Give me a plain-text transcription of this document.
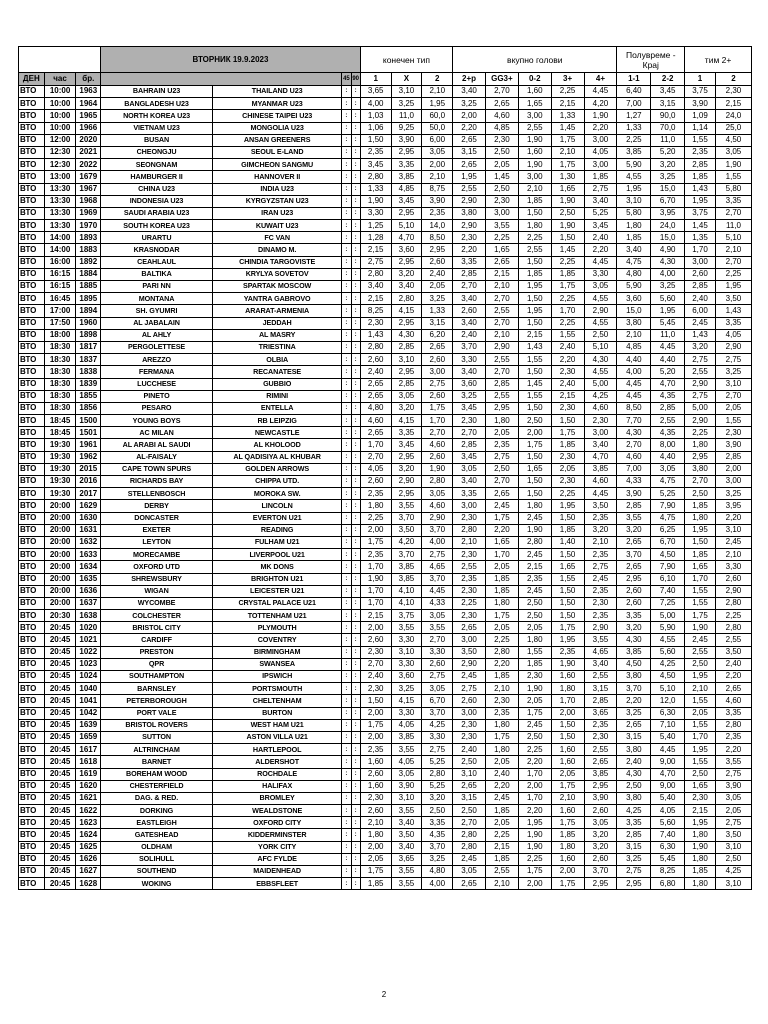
			ВТОРНИК 19.9.2023				конечен тип			вкупно голови					Полувреме - Крај		тим 2+	
ДЕН	час	бр.			45	90	1	X	2	2+p	GG3+	0-2	3+	4+	1-1	2-2	1	2
ВТО	10:00	1963	BAHRAIN U23	THAILAND U23	:	:	3,65	3,10	2,10	3,40	2,70	1,60	2,25	4,45	6,40	3,45	3,75	2,30
ВТО	10:00	1964	BANGLADESH U23	MYANMAR U23	:	:	4,00	3,25	1,95	3,25	2,65	1,65	2,15	4,20	7,00	3,15	3,90	2,15
ВТО	10:00	1965	NORTH KOREA U23	CHINESE TAIPEI U23	:	:	1,03	11,0	60,0	2,00	4,60	3,00	1,33	1,90	1,27	90,0	1,09	24,0
ВТО	10:00	1966	VIETNAM U23	MONGOLIA U23	:	:	1,06	9,25	50,0	2,20	4,85	2,55	1,45	2,20	1,33	70,0	1,14	25,0
ВТО	12:00	2020	BUSAN	ANSAN GREENERS	:	:	1,50	3,90	6,00	2,65	2,30	1,90	1,75	3,00	2,25	11,0	1,55	4,50
ВТО	12:30	2021	CHEONGJU	SEOUL E-LAND	:	:	2,35	2,95	3,05	3,15	2,50	1,60	2,10	4,05	3,85	5,20	2,35	3,05
ВТО	12:30	2022	SEONGNAM	GIMCHEON SANGMU	:	:	3,45	3,35	2,00	2,65	2,05	1,90	1,75	3,00	5,90	3,20	2,85	1,90
ВТО	13:00	1679	HAMBURGER II	HANNOVER II	:	:	2,80	3,85	2,10	1,95	1,45	3,00	1,30	1,85	4,55	3,25	1,85	1,55
ВТО	13:30	1967	CHINA U23	INDIA U23	:	:	1,33	4,85	8,75	2,55	2,50	2,10	1,65	2,75	1,95	15,0	1,43	5,80
ВТО	13:30	1968	INDONESIA U23	KYRGYZSTAN U23	:	:	1,90	3,45	3,90	2,90	2,30	1,85	1,90	3,40	3,10	6,70	1,95	3,35
ВТО	13:30	1969	SAUDI ARABIA U23	IRAN U23	:	:	3,30	2,95	2,35	3,80	3,00	1,50	2,50	5,25	5,80	3,95	3,75	2,70
ВТО	13:30	1970	SOUTH KOREA U23	KUWAIT U23	:	:	1,25	5,10	14,0	2,90	3,55	1,80	1,90	3,45	1,80	24,0	1,45	11,0
ВТО	14:00	1893	URARTU	FC VAN	:	:	1,28	4,70	8,50	2,30	2,25	2,25	1,50	2,40	1,85	15,0	1,35	5,10
ВТО	14:00	1883	KRASNODAR	DINAMO M.	:	:	2,15	3,60	2,95	2,20	1,65	2,55	1,45	2,20	3,40	4,90	1,70	2,10
ВТО	16:00	1892	CEAHLAUL	CHINDIA TARGOVISTE	:	:	2,75	2,95	2,60	3,35	2,65	1,50	2,25	4,45	4,75	4,30	3,00	2,70
ВТО	16:15	1884	BALTIKA	KRYLYA SOVETOV	:	:	2,80	3,20	2,40	2,85	2,15	1,85	1,85	3,30	4,80	4,00	2,60	2,25
ВТО	16:15	1885	PARI NN	SPARTAK MOSCOW	:	:	3,40	3,40	2,05	2,70	2,10	1,95	1,75	3,05	5,90	3,25	2,85	1,95
ВТО	16:45	1895	MONTANA	YANTRA GABROVO	:	:	2,15	2,80	3,25	3,40	2,70	1,50	2,25	4,55	3,60	5,60	2,40	3,50
ВТО	17:00	1894	SH. GYUMRI	ARARAT-ARMENIA	:	:	8,25	4,15	1,33	2,60	2,55	1,95	1,70	2,90	15,0	1,95	6,00	1,43
ВТО	17:50	1960	AL JABALAIN	JEDDAH	:	:	2,30	2,95	3,15	3,40	2,70	1,50	2,25	4,55	3,80	5,45	2,45	3,35
ВТО	18:00	1898	AL AHLY	AL MASRY	:	:	1,43	4,30	6,20	2,40	2,10	2,15	1,55	2,50	2,10	11,0	1,43	4,05
ВТО	18:30	1817	PERGOLETTESE	TRIESTINA	:	:	2,80	2,85	2,65	3,70	2,90	1,43	2,40	5,10	4,85	4,45	3,20	2,90
ВТО	18:30	1837	AREZZO	OLBIA	:	:	2,60	3,10	2,60	3,30	2,55	1,55	2,20	4,30	4,40	4,40	2,75	2,75
ВТО	18:30	1838	FERMANA	RECANATESE	:	:	2,40	2,95	3,00	3,40	2,70	1,50	2,30	4,55	4,00	5,20	2,55	3,25
ВТО	18:30	1839	LUCCHESE	GUBBIO	:	:	2,65	2,85	2,75	3,60	2,85	1,45	2,40	5,00	4,45	4,70	2,90	3,10
ВТО	18:30	1855	PINETO	RIMINI	:	:	2,65	3,05	2,60	3,25	2,55	1,55	2,15	4,25	4,45	4,35	2,75	2,70
ВТО	18:30	1856	PESARO	ENTELLA	:	:	4,80	3,20	1,75	3,45	2,95	1,50	2,30	4,60	8,50	2,85	5,00	2,05
ВТО	18:45	1500	YOUNG BOYS	RB LEIPZIG	:	:	4,60	4,15	1,70	2,30	1,80	2,50	1,50	2,30	7,70	2,55	2,90	1,55
ВТО	18:45	1501	AC MILAN	NEWCASTLE	:	:	2,65	3,35	2,70	2,70	2,05	2,00	1,75	3,00	4,30	4,35	2,25	2,30
ВТО	19:30	1961	AL ARABI AL SAUDI	AL KHOLOOD	:	:	1,70	3,45	4,60	2,85	2,35	1,75	1,85	3,40	2,70	8,00	1,80	3,90
ВТО	19:30	1962	AL-FAISALY	AL QADISIYA AL KHUBAR	:	:	2,70	2,95	2,60	3,45	2,75	1,50	2,30	4,70	4,60	4,40	2,95	2,85
ВТО	19:30	2015	CAPE TOWN SPURS	GOLDEN ARROWS	:	:	4,05	3,20	1,90	3,05	2,50	1,65	2,05	3,85	7,00	3,05	3,80	2,00
ВТО	19:30	2016	RICHARDS BAY	CHIPPA UTD.	:	:	2,60	2,90	2,80	3,40	2,70	1,50	2,30	4,60	4,33	4,75	2,70	3,00
ВТО	19:30	2017	STELLENBOSCH	MOROKA SW.	:	:	2,35	2,95	3,05	3,35	2,65	1,50	2,25	4,45	3,90	5,25	2,50	3,25
ВТО	20:00	1629	DERBY	LINCOLN	:	:	1,80	3,55	4,60	3,00	2,45	1,80	1,95	3,50	2,85	7,90	1,85	3,95
ВТО	20:00	1630	DONCASTER	EVERTON U21	:	:	2,25	3,70	2,90	2,30	1,75	2,45	1,50	2,35	3,55	4,75	1,80	2,20
ВТО	20:00	1631	EXETER	READING	:	:	2,00	3,50	3,70	2,80	2,20	1,90	1,85	3,20	3,20	6,25	1,95	3,10
ВТО	20:00	1632	LEYTON	FULHAM U21	:	:	1,75	4,20	4,00	2,10	1,65	2,80	1,40	2,10	2,65	6,70	1,50	2,45
ВТО	20:00	1633	MORECAMBE	LIVERPOOL U21	:	:	2,35	3,70	2,75	2,30	1,70	2,45	1,50	2,35	3,70	4,50	1,85	2,10
ВТО	20:00	1634	OXFORD UTD	MK DONS	:	:	1,70	3,85	4,65	2,55	2,05	2,15	1,65	2,75	2,65	7,90	1,65	3,30
ВТО	20:00	1635	SHREWSBURY	BRIGHTON U21	:	:	1,90	3,85	3,70	2,35	1,85	2,35	1,55	2,45	2,95	6,10	1,70	2,60
ВТО	20:00	1636	WIGAN	LEICESTER U21	:	:	1,70	4,10	4,45	2,30	1,85	2,45	1,50	2,35	2,60	7,40	1,55	2,90
ВТО	20:00	1637	WYCOMBE	CRYSTAL PALACE U21	:	:	1,70	4,10	4,33	2,25	1,80	2,50	1,50	2,30	2,60	7,25	1,55	2,80
ВТО	20:30	1638	COLCHESTER	TOTTENHAM U21	:	:	2,15	3,75	3,05	2,30	1,75	2,50	1,50	2,35	3,35	5,00	1,75	2,25
ВТО	20:45	1020	BRISTOL CITY	PLYMOUTH	:	:	2,00	3,55	3,55	2,65	2,05	2,05	1,75	2,90	3,20	5,90	1,90	2,80
ВТО	20:45	1021	CARDIFF	COVENTRY	:	:	2,60	3,30	2,70	3,00	2,25	1,80	1,95	3,55	4,30	4,55	2,45	2,55
ВТО	20:45	1022	PRESTON	BIRMINGHAM	:	:	2,30	3,10	3,30	3,50	2,80	1,55	2,35	4,65	3,85	5,60	2,55	3,50
ВТО	20:45	1023	QPR	SWANSEA	:	:	2,70	3,30	2,60	2,90	2,20	1,85	1,90	3,40	4,50	4,25	2,50	2,40
ВТО	20:45	1024	SOUTHAMPTON	IPSWICH	:	:	2,40	3,60	2,75	2,45	1,85	2,30	1,60	2,55	3,80	4,50	1,95	2,20
ВТО	20:45	1040	BARNSLEY	PORTSMOUTH	:	:	2,30	3,25	3,05	2,75	2,10	1,90	1,80	3,15	3,70	5,10	2,10	2,65
ВТО	20:45	1041	PETERBOROUGH	CHELTENHAM	:	:	1,50	4,15	6,70	2,60	2,30	2,05	1,70	2,85	2,20	12,0	1,55	4,60
ВТО	20:45	1042	PORT VALE	BURTON	:	:	2,00	3,30	3,70	3,00	2,35	1,75	2,00	3,65	3,25	6,30	2,05	3,35
ВТО	20:45	1639	BRISTOL ROVERS	WEST HAM U21	:	:	1,75	4,05	4,25	2,30	1,80	2,45	1,50	2,35	2,65	7,10	1,55	2,80
ВТО	20:45	1659	SUTTON	ASTON VILLA U21	:	:	2,00	3,85	3,30	2,30	1,75	2,50	1,50	2,30	3,15	5,40	1,70	2,35
ВТО	20:45	1617	ALTRINCHAM	HARTLEPOOL	:	:	2,35	3,55	2,75	2,40	1,80	2,25	1,60	2,55	3,80	4,45	1,95	2,20
ВТО	20:45	1618	BARNET	ALDERSHOT	:	:	1,60	4,05	5,25	2,50	2,05	2,20	1,60	2,65	2,40	9,00	1,55	3,55
ВТО	20:45	1619	BOREHAM WOOD	ROCHDALE	:	:	2,60	3,05	2,80	3,10	2,40	1,70	2,05	3,85	4,30	4,70	2,50	2,75
ВТО	20:45	1620	CHESTERFIELD	HALIFAX	:	:	1,60	3,90	5,25	2,65	2,20	2,00	1,75	2,95	2,50	9,00	1,65	3,90
ВТО	20:45	1621	DAG. & RED.	BROMLEY	:	:	2,30	3,10	3,20	3,15	2,45	1,70	2,10	3,90	3,80	5,40	2,30	3,05
ВТО	20:45	1622	DORKING	WEALDSTONE	:	:	2,60	3,55	2,50	2,50	1,85	2,20	1,60	2,60	4,25	4,05	2,15	2,05
ВТО	20:45	1623	EASTLEIGH	OXFORD CITY	:	:	2,10	3,40	3,35	2,70	2,05	1,95	1,75	3,05	3,35	5,60	1,95	2,75
ВТО	20:45	1624	GATESHEAD	KIDDERMINSTER	:	:	1,80	3,50	4,35	2,80	2,25	1,90	1,85	3,20	2,85	7,40	1,80	3,50
ВТО	20:45	1625	OLDHAM	YORK CITY	:	:	2,00	3,40	3,70	2,80	2,15	1,90	1,80	3,20	3,15	6,30	1,90	3,10
ВТО	20:45	1626	SOLIHULL	AFC FYLDE	:	:	2,05	3,65	3,25	2,45	1,85	2,25	1,60	2,60	3,25	5,45	1,80	2,50
ВТО	20:45	1627	SOUTHEND	MAIDENHEAD	:	:	1,75	3,55	4,80	3,05	2,55	1,75	2,00	3,70	2,75	8,25	1,85	4,25
ВТО	20:45	1628	WOKING	EBBSFLEET	:	:	1,85	3,55	4,00	2,65	2,10	2,00	1,75	2,95	2,95	6,80	1,80	3,10
2
